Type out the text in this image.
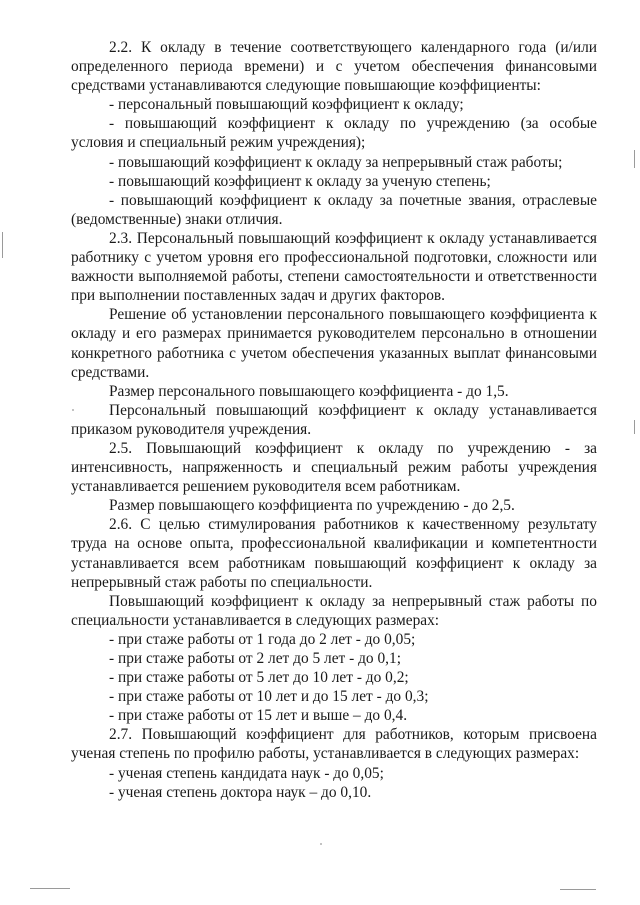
2.2. К окладу в течение соответствующего календарного года (и/или определенного периода времени) и с учетом обеспечения финансовыми средствами устанавливаются следующие повышающие коэффициенты:

- персональный повышающий коэффициент к окладу;

- повышающий коэффициент к окладу по учреждению (за особые условия и специальный режим учреждения);

- повышающий коэффициент к окладу за непрерывный стаж работы;

- повышающий коэффициент к окладу за ученую степень;

- повышающий коэффициент к окладу за почетные звания, отраслевые (ведомственные) знаки отличия.

2.3. Персональный повышающий коэффициент к окладу устанавливается работнику с учетом уровня его профессиональной подготовки, сложности или важности выполняемой работы, степени самостоятельности и ответственности при выполнении поставленных задач и других факторов.

Решение об установлении персонального повышающего коэффициента к окладу и его размерах принимается руководителем персонально в отношении конкретного работника с учетом обеспечения указанных выплат финансовыми средствами.

Размер персонального повышающего коэффициента - до 1,5.

Персональный повышающий коэффициент к окладу устанавливается приказом руководителя учреждения.

2.5. Повышающий коэффициент к окладу по учреждению - за интенсивность, напряженность и специальный режим работы учреждения устанавливается решением руководителя всем работникам.

Размер повышающего коэффициента по учреждению - до 2,5.

2.6. С целью стимулирования работников к качественному результату труда на основе опыта, профессиональной квалификации и компетентности устанавливается всем работникам повышающий коэффициент к окладу за непрерывный стаж работы по специальности.

Повышающий коэффициент к окладу за непрерывный стаж работы по специальности устанавливается в следующих размерах:

- при стаже работы от 1 года до 2 лет - до 0,05;

- при стаже работы от 2 лет до 5 лет - до 0,1;

- при стаже работы от 5 лет до 10 лет - до 0,2;

- при стаже работы от 10 лет и до 15 лет - до 0,3;

- при стаже работы от 15 лет и выше – до 0,4.

2.7. Повышающий коэффициент для работников, которым присвоена ученая степень по профилю работы, устанавливается в следующих размерах:

- ученая степень кандидата наук - до 0,05;

- ученая степень доктора наук – до 0,10.
